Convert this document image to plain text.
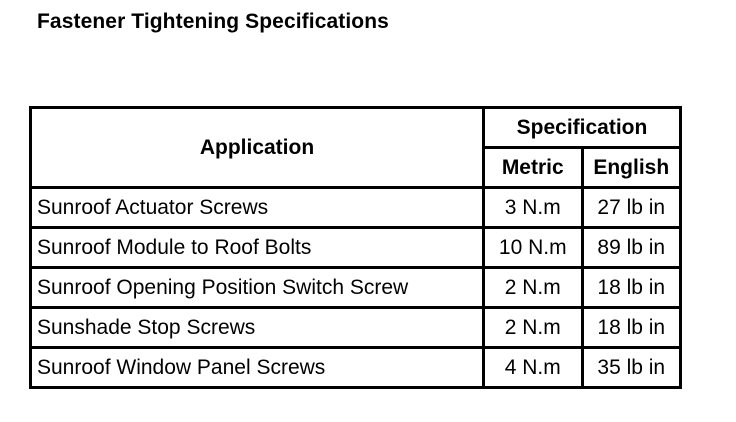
Fastener Tightening Specifications
Application	Specification	
	Metric	English
Sunroof Actuator Screws	3 N.m	27 lb in
Sunroof Module to Roof Bolts	10 N.m	89 lb in
Sunroof Opening Position Switch Screw	2 N.m	18 lb in
Sunshade Stop Screws	2 N.m	18 lb in
Sunroof Window Panel Screws	4 N.m	35 lb in
